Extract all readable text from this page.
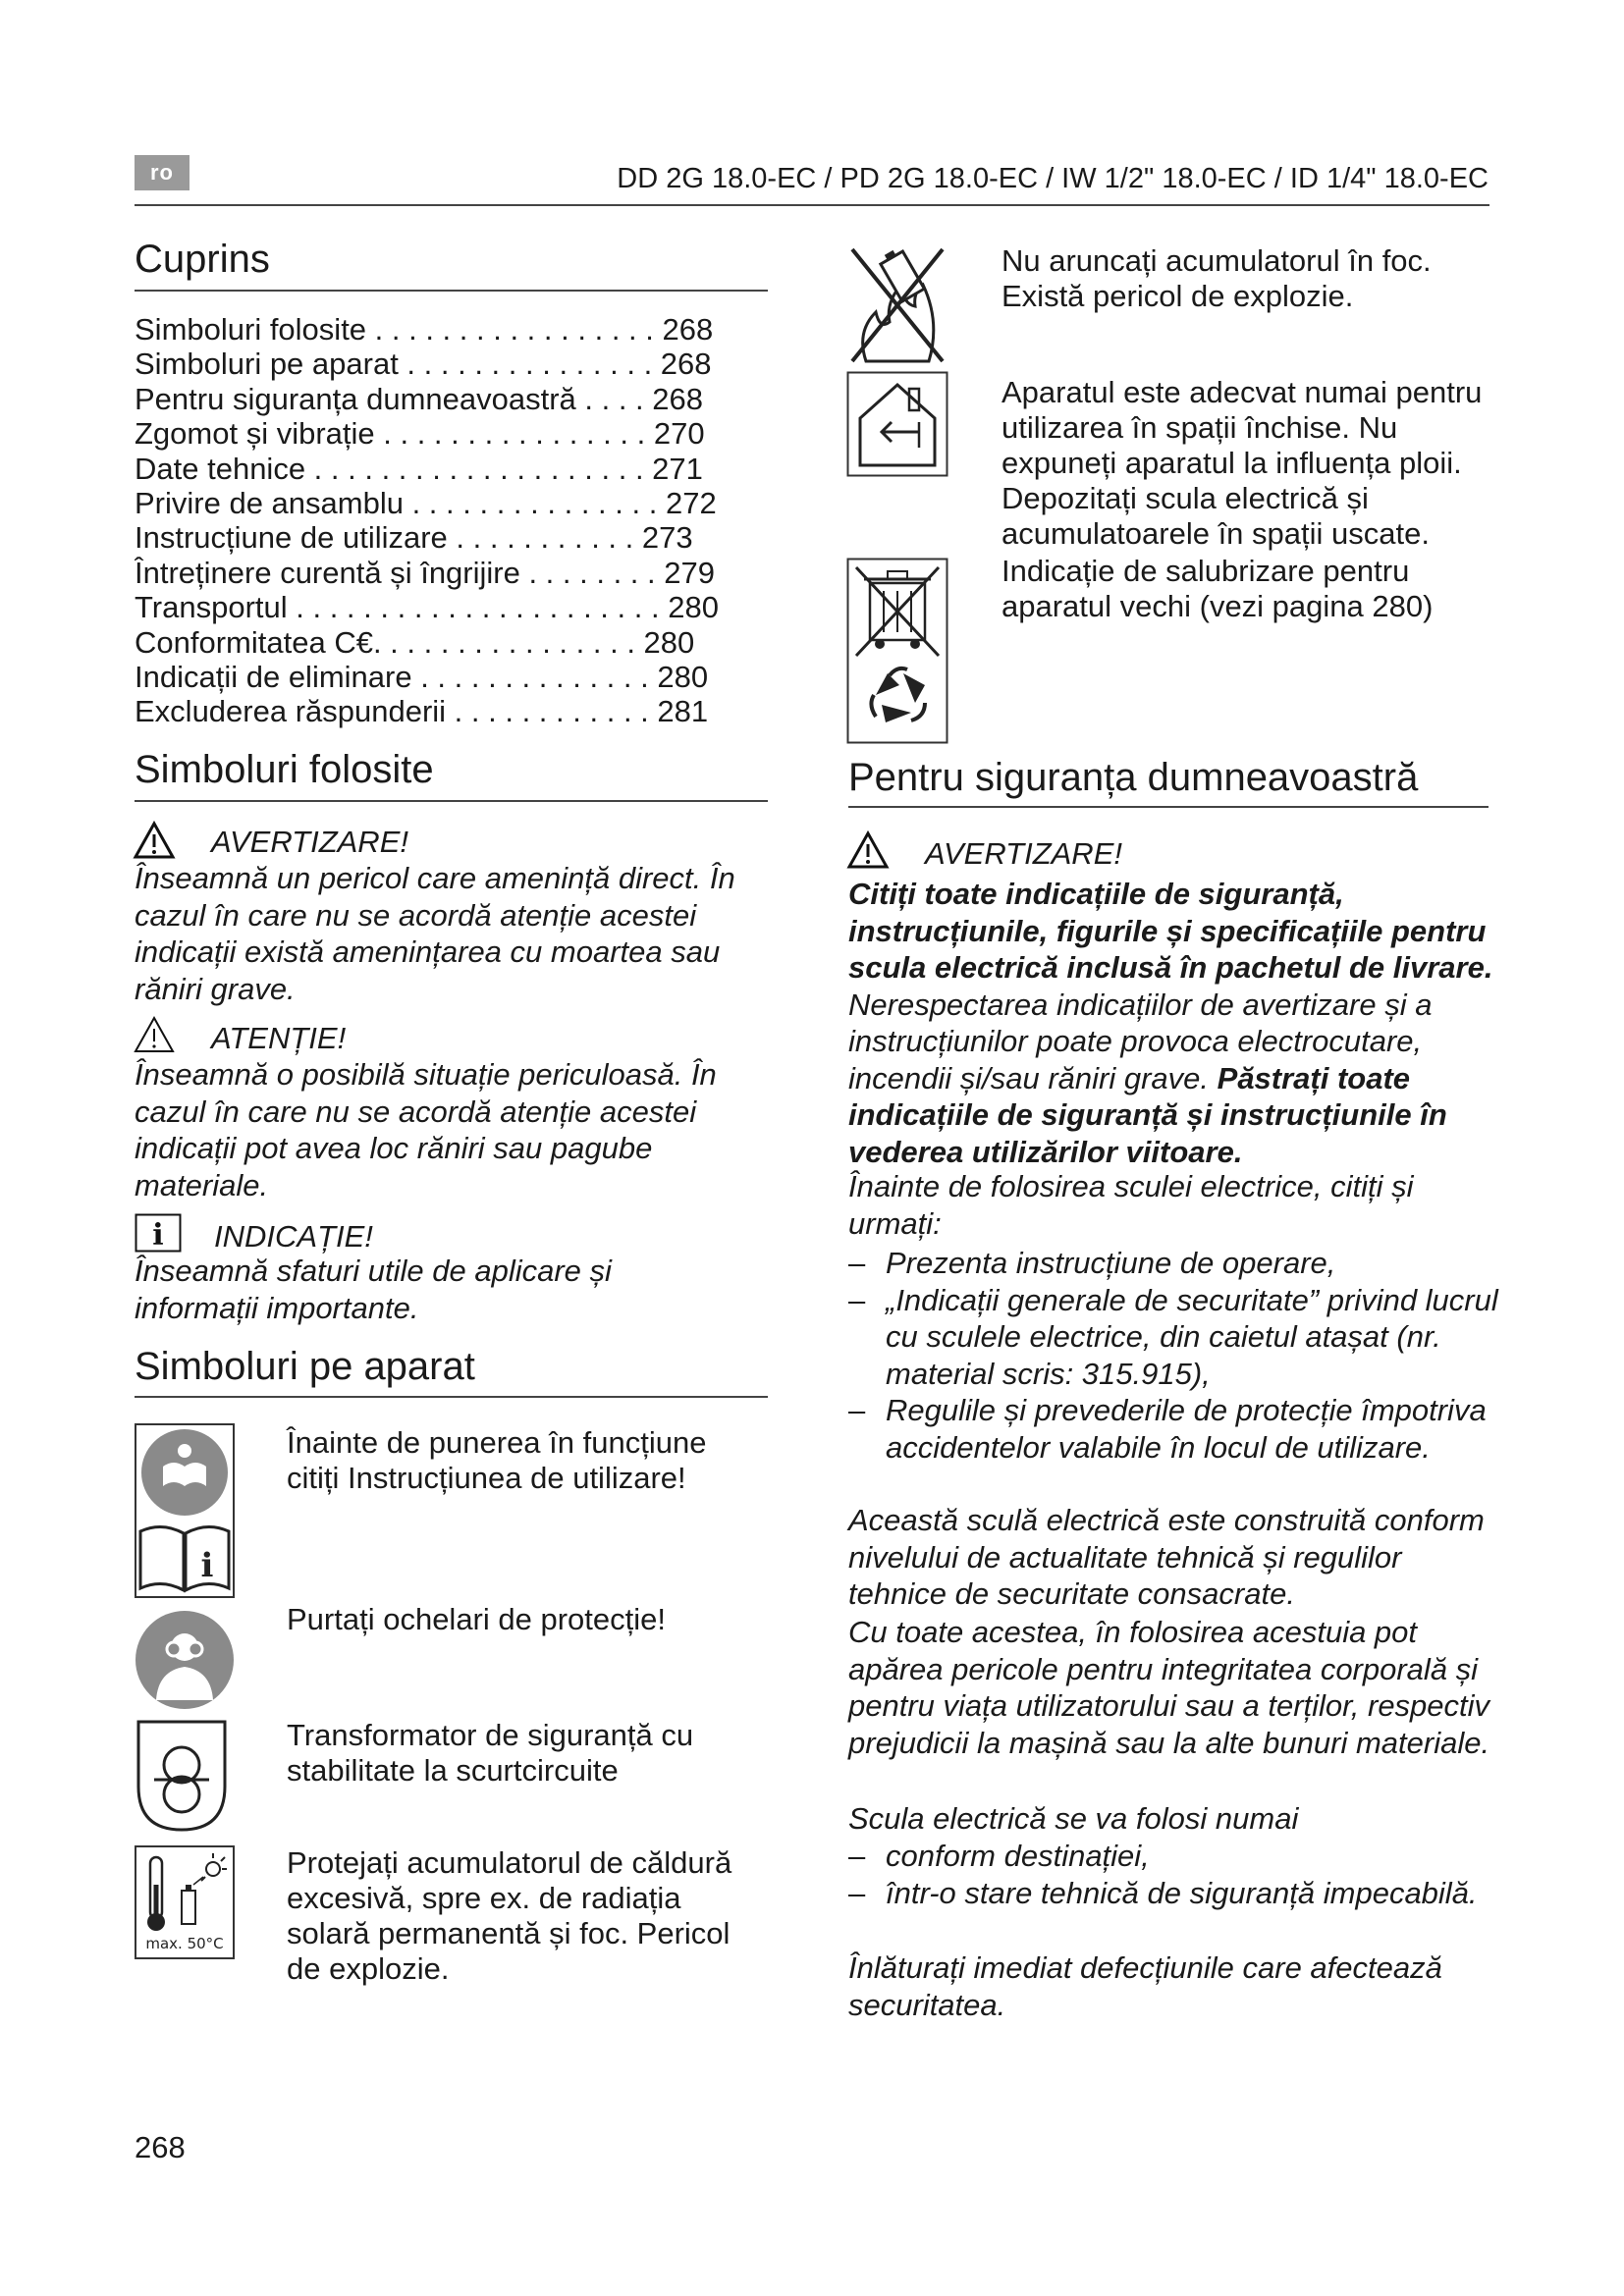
ro	DD 2G 18.0-EC / PD 2G 18.0-EC / IW 1/2" 18.0-EC / ID 1/4" 18.0-EC
Cuprins
Simboluri folosite . . . . . . . . . . . . . . . . . 268
Simboluri pe aparat . . . . . . . . . . . . . . . 268
Pentru siguranța dumneavoastră . . . . 268
Zgomot și vibrație . . . . . . . . . . . . . . . . 270
Date tehnice . . . . . . . . . . . . . . . . . . . . 271
Privire de ansamblu . . . . . . . . . . . . . . . 272
Instrucțiune de utilizare . . . . . . . . . . . 273
Întreținere curentă și îngrijire . . . . . . . . 279
Transportul . . . . . . . . . . . . . . . . . . . . . . 280
Conformitatea C€. . . . . . . . . . . . . . . . 280
Indicații de eliminare . . . . . . . . . . . . . . 280
Excluderea răspunderii . . . . . . . . . . . . 281
Simboluri folosite
AVERTIZARE!
Înseamnă un pericol care amenință direct. În cazul în care nu se acordă atenție acestei indicații există amenințarea cu moartea sau răniri grave.
ATENȚIE!
Înseamnă o posibilă situație periculoasă. În cazul în care nu se acordă atenție acestei indicații pot avea loc răniri sau pagube materiale.
i INDICAȚIE!
Înseamnă sfaturi utile de aplicare și informații importante.
Simboluri pe aparat
i
Înainte de punerea în funcțiune citiți Instrucțiunea de utilizare!
Purtați ochelari de protecție!
Transformator de siguranță cu stabilitate la scurtcircuite
max. 50°C
Protejați acumulatorul de căldură excesivă, spre ex. de radiația solară permanentă și foc. Pericol de explozie.
Nu aruncați acumulatorul în foc. Există pericol de explozie.
Aparatul este adecvat numai pentru utilizarea în spații închise. Nu expuneți aparatul la influența ploii. Depozitați scula electrică și acumulatoarele în spații uscate.
Indicație de salubrizare pentru aparatul vechi (vezi pagina 280)
Pentru siguranța dumneavoastră
AVERTIZARE!
Citiți toate indicațiile de siguranță, instrucțiunile, figurile și specificațiile pentru scula electrică inclusă în pachetul de livrare. Nerespectarea indicațiilor de avertizare și a instrucțiunilor poate provoca electrocutare, incendii și/sau răniri grave. Păstrați toate indicațiile de siguranță și instrucțiunile în vederea utilizărilor viitoare.
Înainte de folosirea sculei electrice, citiți și urmați:
– Prezenta instrucțiune de operare,
– „Indicații generale de securitate” privind lucrul cu sculele electrice, din caietul atașat (nr. material scris: 315.915),
– Regulile și prevederile de protecție împotriva accidentelor valabile în locul de utilizare.
Această sculă electrică este construită conform nivelului de actualitate tehnică și regulilor tehnice de securitate consacrate.
Cu toate acestea, în folosirea acestuia pot apărea pericole pentru integritatea corporală și pentru viața utilizatorului sau a terților, respectiv prejudicii la mașină sau la alte bunuri materiale.
Scula electrică se va folosi numai
– conform destinației,
– într-o stare tehnică de siguranță impecabilă.
Înlăturați imediat defecțiunile care afectează securitatea.
268
